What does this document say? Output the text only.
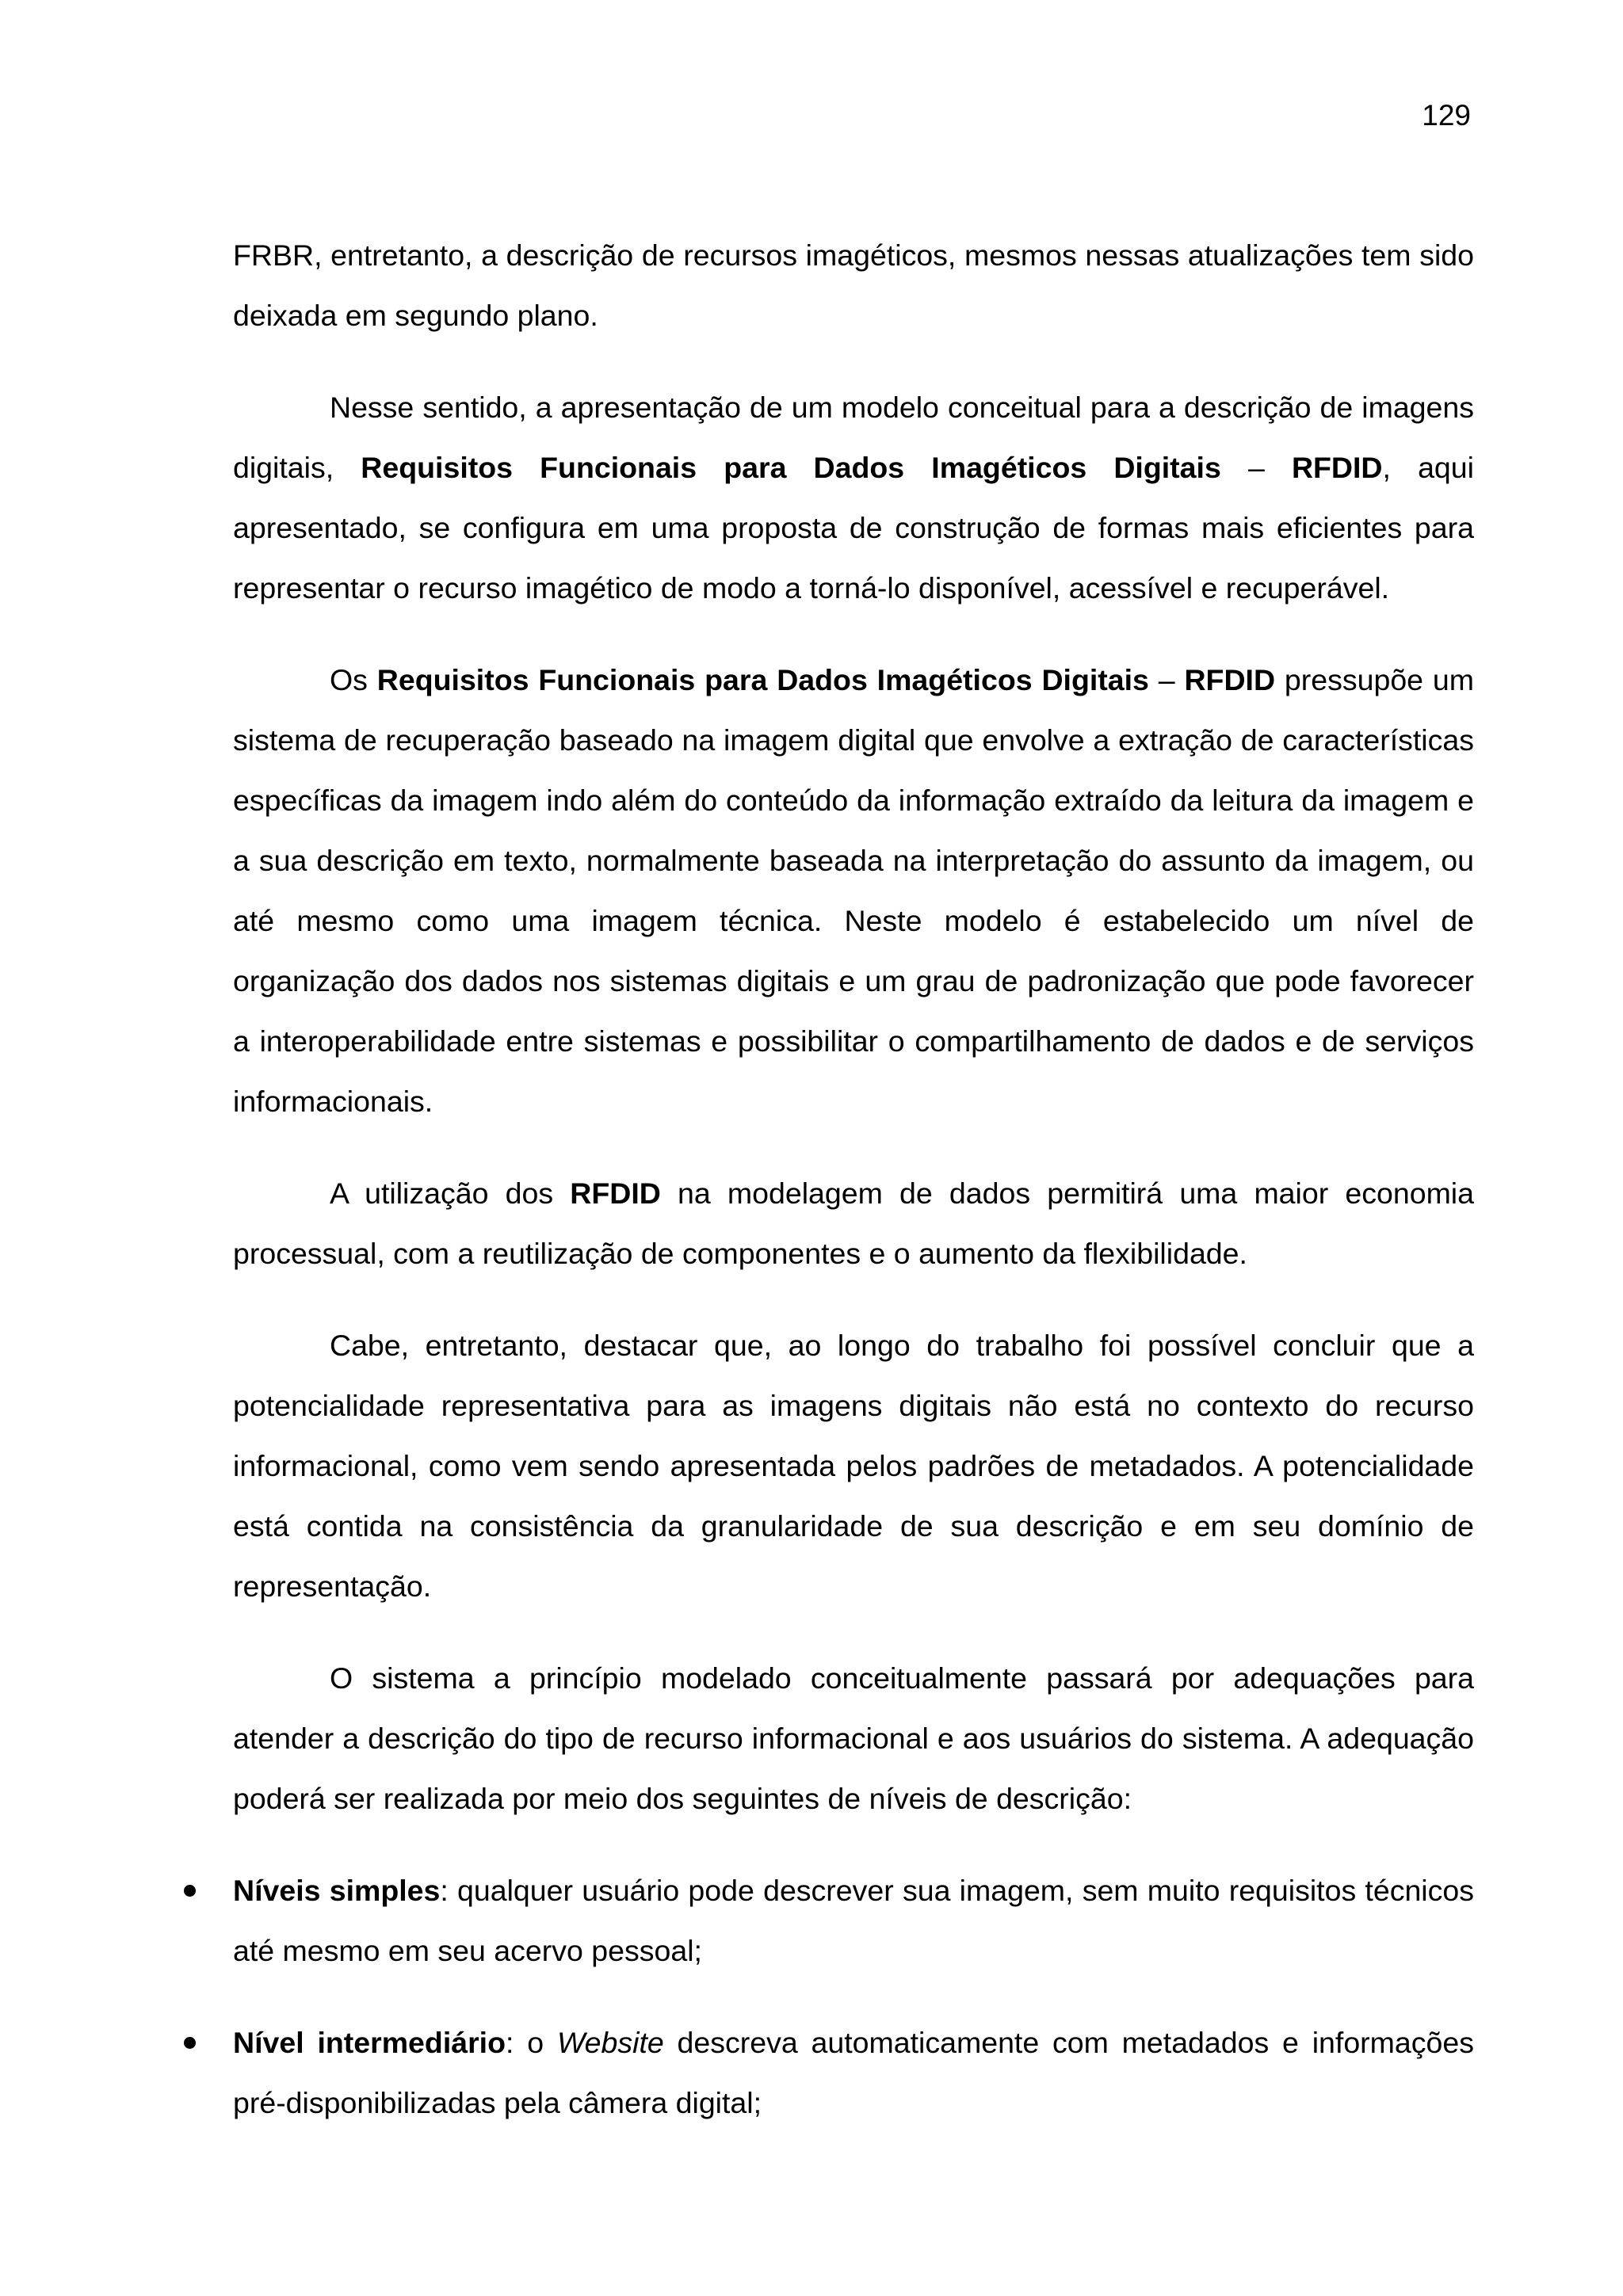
129

FRBR, entretanto, a descrição de recursos imagéticos, mesmos nessas atualizações tem sido deixada em segundo plano.

Nesse sentido, a apresentação de um modelo conceitual para a descrição de imagens digitais, Requisitos Funcionais para Dados Imagéticos Digitais – RFDID, aqui apresentado, se configura em uma proposta de construção de formas mais eficientes para representar o recurso imagético de modo a torná-lo disponível, acessível e recuperável.

Os Requisitos Funcionais para Dados Imagéticos Digitais – RFDID pressupõe um sistema de recuperação baseado na imagem digital que envolve a extração de características específicas da imagem indo além do conteúdo da informação extraído da leitura da imagem e a sua descrição em texto, normalmente baseada na interpretação do assunto da imagem, ou até mesmo como uma imagem técnica. Neste modelo é estabelecido um nível de organização dos dados nos sistemas digitais e um grau de padronização que pode favorecer a interoperabilidade entre sistemas e possibilitar o compartilhamento de dados e de serviços informacionais.

A utilização dos RFDID na modelagem de dados permitirá uma maior economia processual, com a reutilização de componentes e o aumento da flexibilidade.

Cabe, entretanto, destacar que, ao longo do trabalho foi possível concluir que a potencialidade representativa para as imagens digitais não está no contexto do recurso informacional, como vem sendo apresentada pelos padrões de metadados. A potencialidade está contida na consistência da granularidade de sua descrição e em seu domínio de representação.

O sistema a princípio modelado conceitualmente passará por adequações para atender a descrição do tipo de recurso informacional e aos usuários do sistema. A adequação poderá ser realizada por meio dos seguintes de níveis de descrição:

Níveis simples: qualquer usuário pode descrever sua imagem, sem muito requisitos técnicos até mesmo em seu acervo pessoal;
Nível intermediário: o Website descreva automaticamente com metadados e informações pré-disponibilizadas pela câmera digital;
